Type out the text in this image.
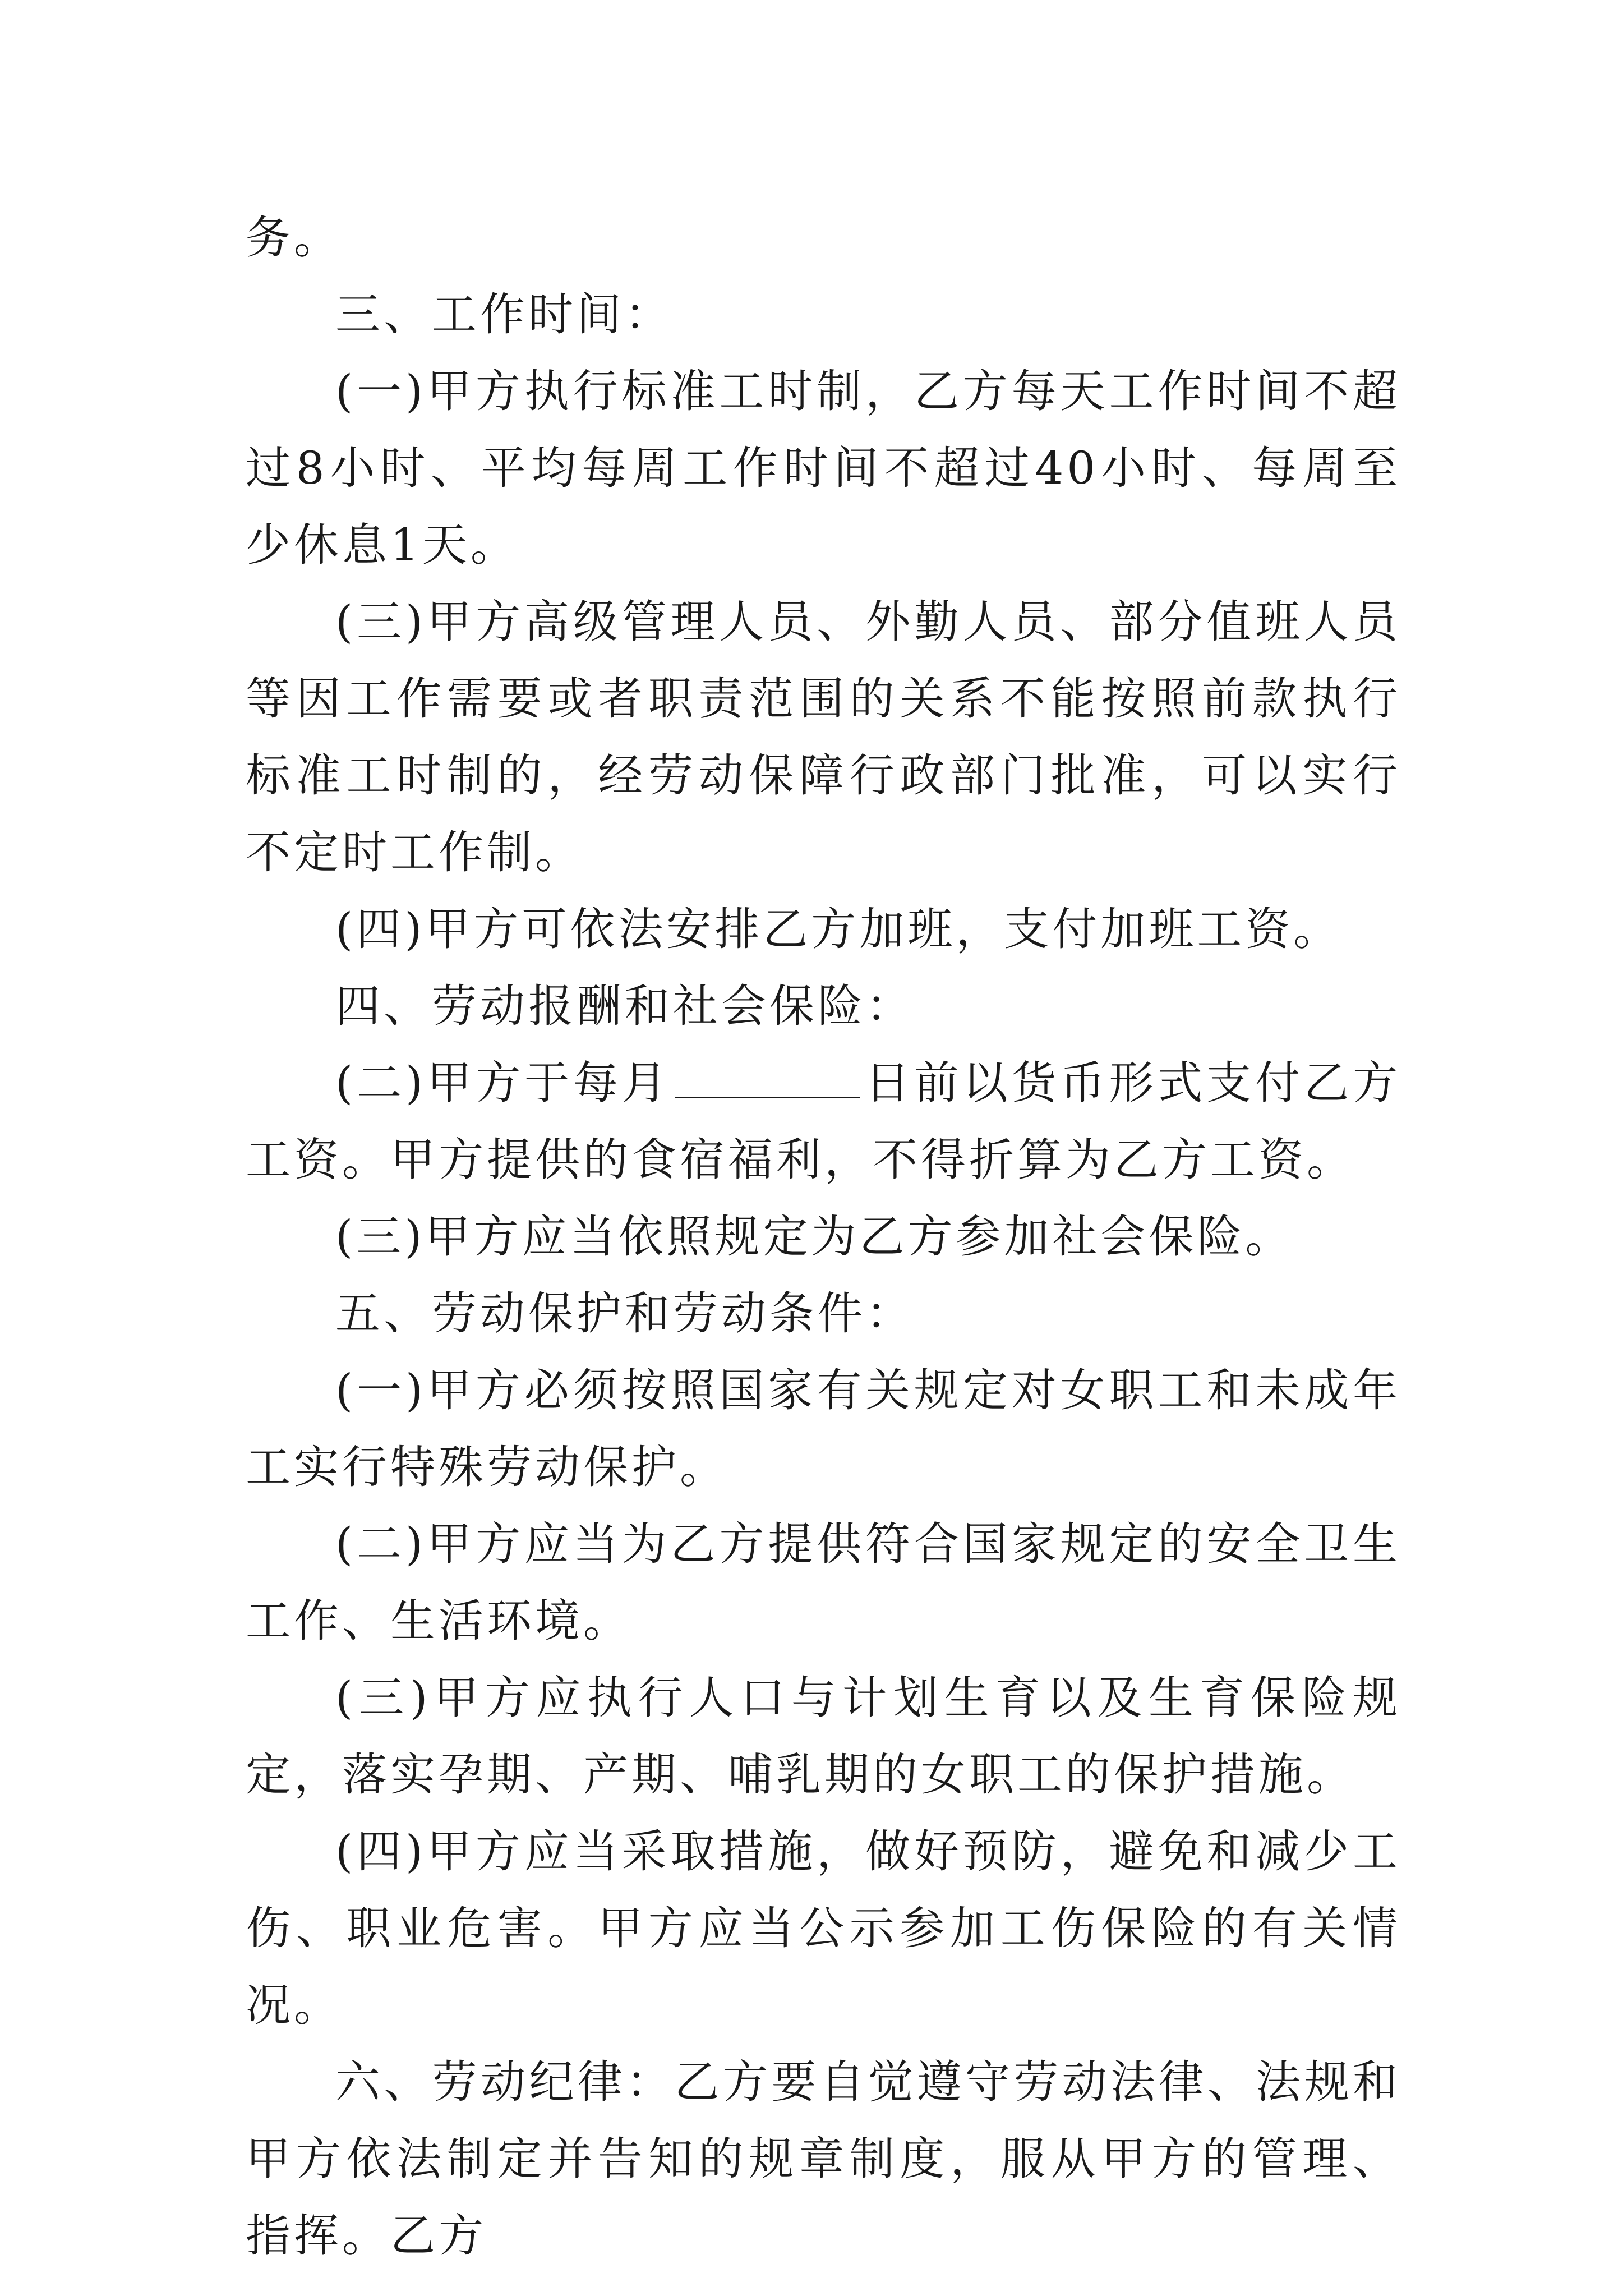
务。

三、工作时间：

(一)甲方执行标准工时制，乙方每天工作时间不超过8小时、平均每周工作时间不超过40小时、每周至少休息1天。

(三)甲方高级管理人员、外勤人员、部分值班人员等因工作需要或者职责范围的关系不能按照前款执行标准工时制的，经劳动保障行政部门批准，可以实行不定时工作制。

(四)甲方可依法安排乙方加班，支付加班工资。

四、劳动报酬和社会保险：

(二)甲方于每月	日前以货币形式支付乙方工资。甲方提供的食宿福利，不得折算为乙方工资。

(三)甲方应当依照规定为乙方参加社会保险。

五、劳动保护和劳动条件：

(一)甲方必须按照国家有关规定对女职工和未成年工实行特殊劳动保护。

(二)甲方应当为乙方提供符合国家规定的安全卫生工作、生活环境。

(三)甲方应执行人口与计划生育以及生育保险规定，落实孕期、产期、哺乳期的女职工的保护措施。

(四)甲方应当采取措施，做好预防，避免和减少工伤、职业危害。甲方应当公示参加工伤保险的有关情况。

六、劳动纪律：乙方要自觉遵守劳动法律、法规和甲方依法制定并告知的规章制度，服从甲方的管理、指挥。乙方
